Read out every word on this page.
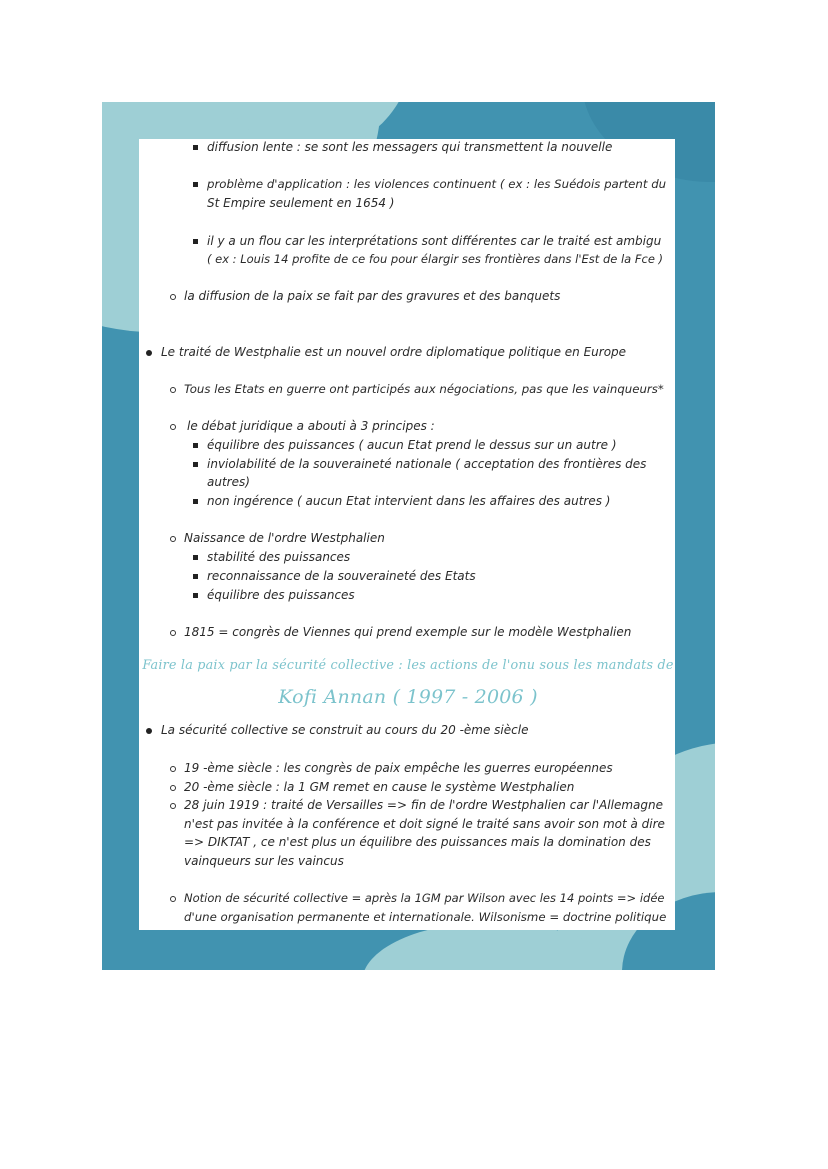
diffusion lente : se sont les messagers qui transmettent la nouvelle
problème d'application : les violences continuent ( ex : les Suédois partent du
St Empire seulement en 1654 )
il y a un flou car les interprétations sont différentes car le traité est ambigu
( ex : Louis 14 profite de ce fou pour élargir ses frontières dans l'Est de la Fce )
la diffusion de la paix se fait par des gravures et des banquets
Le traité de Westphalie est un nouvel ordre diplomatique politique en Europe
Tous les Etats en guerre ont participés aux négociations, pas que les vainqueurs*
le débat juridique a abouti à 3 principes :
équilibre des puissances ( aucun Etat prend le dessus sur un autre )
inviolabilité de la souveraineté nationale ( acceptation des frontières des
autres)
non ingérence ( aucun Etat intervient dans les affaires des autres )
Naissance de l'ordre Westphalien
stabilité des puissances
reconnaissance de la souveraineté des Etats
équilibre des puissances
1815 = congrès de Viennes qui prend exemple sur le modèle Westphalien
Faire la paix par la sécurité collective : les actions de l'onu sous les mandats de
Kofi Annan ( 1997 - 2006 )
La sécurité collective se construit au cours du 20 -ème siècle
19 -ème siècle : les congrès de paix empêche les guerres européennes
20 -ème siècle : la 1 GM remet en cause le système Westphalien
28 juin 1919 : traité de Versailles => fin de l'ordre Westphalien car l'Allemagne
n'est pas invitée à la conférence et doit signé le traité sans avoir son mot à dire
=> DIKTAT , ce n'est plus un équilibre des puissances mais la domination des
vainqueurs sur les vaincus
Notion de sécurité collective = après la 1GM par Wilson avec les 14 points => idée
d'une organisation permanente et internationale. Wilsonisme = doctrine politique
